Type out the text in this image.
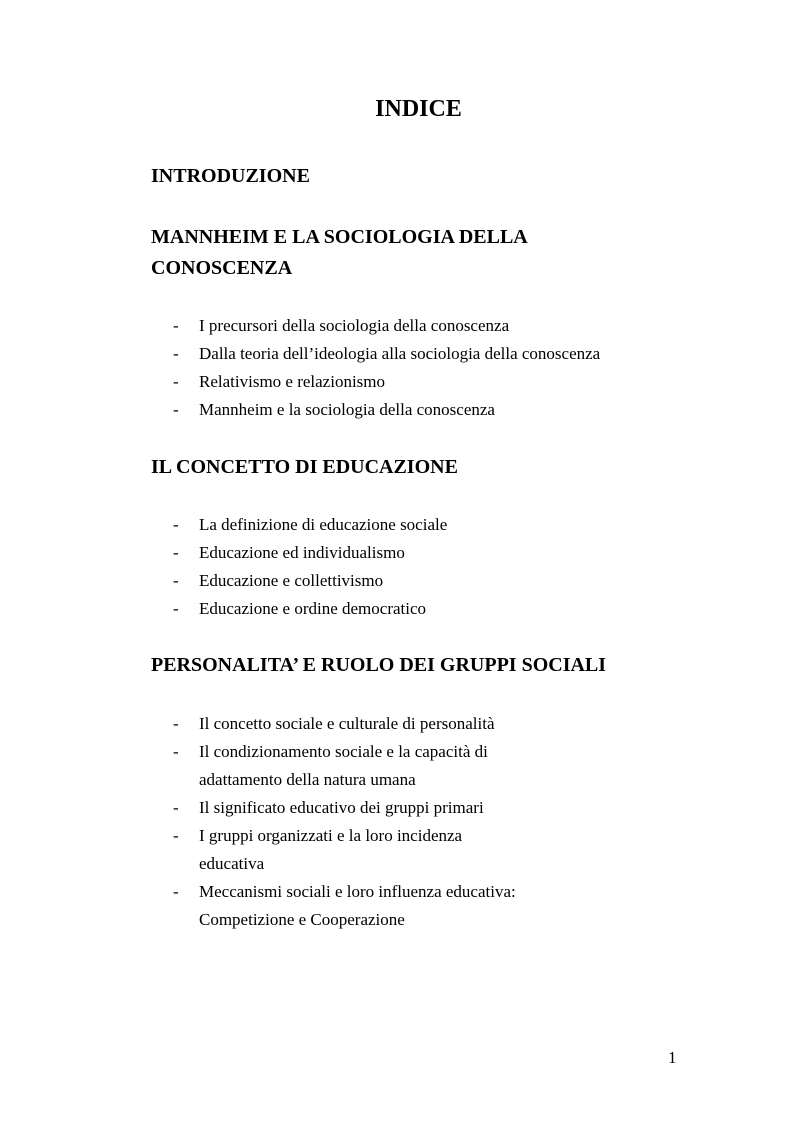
INDICE
INTRODUZIONE
MANNHEIM E LA SOCIOLOGIA DELLA
CONOSCENZA
- I precursori della sociologia della conoscenza
- Dalla teoria dell’ideologia alla sociologia della conoscenza
- Relativismo e relazionismo
- Mannheim e la sociologia della conoscenza
IL CONCETTO DI EDUCAZIONE
- La definizione di educazione sociale
- Educazione ed individualismo
- Educazione e collettivismo
- Educazione e ordine democratico
PERSONALITA’ E RUOLO DEI GRUPPI SOCIALI
- Il concetto sociale e culturale di personalità
- Il condizionamento sociale e la capacità di
adattamento della natura umana
- Il significato educativo dei gruppi primari
- I gruppi organizzati e la loro incidenza
educativa
- Meccanismi sociali e loro influenza educativa:
Competizione e Cooperazione
1
